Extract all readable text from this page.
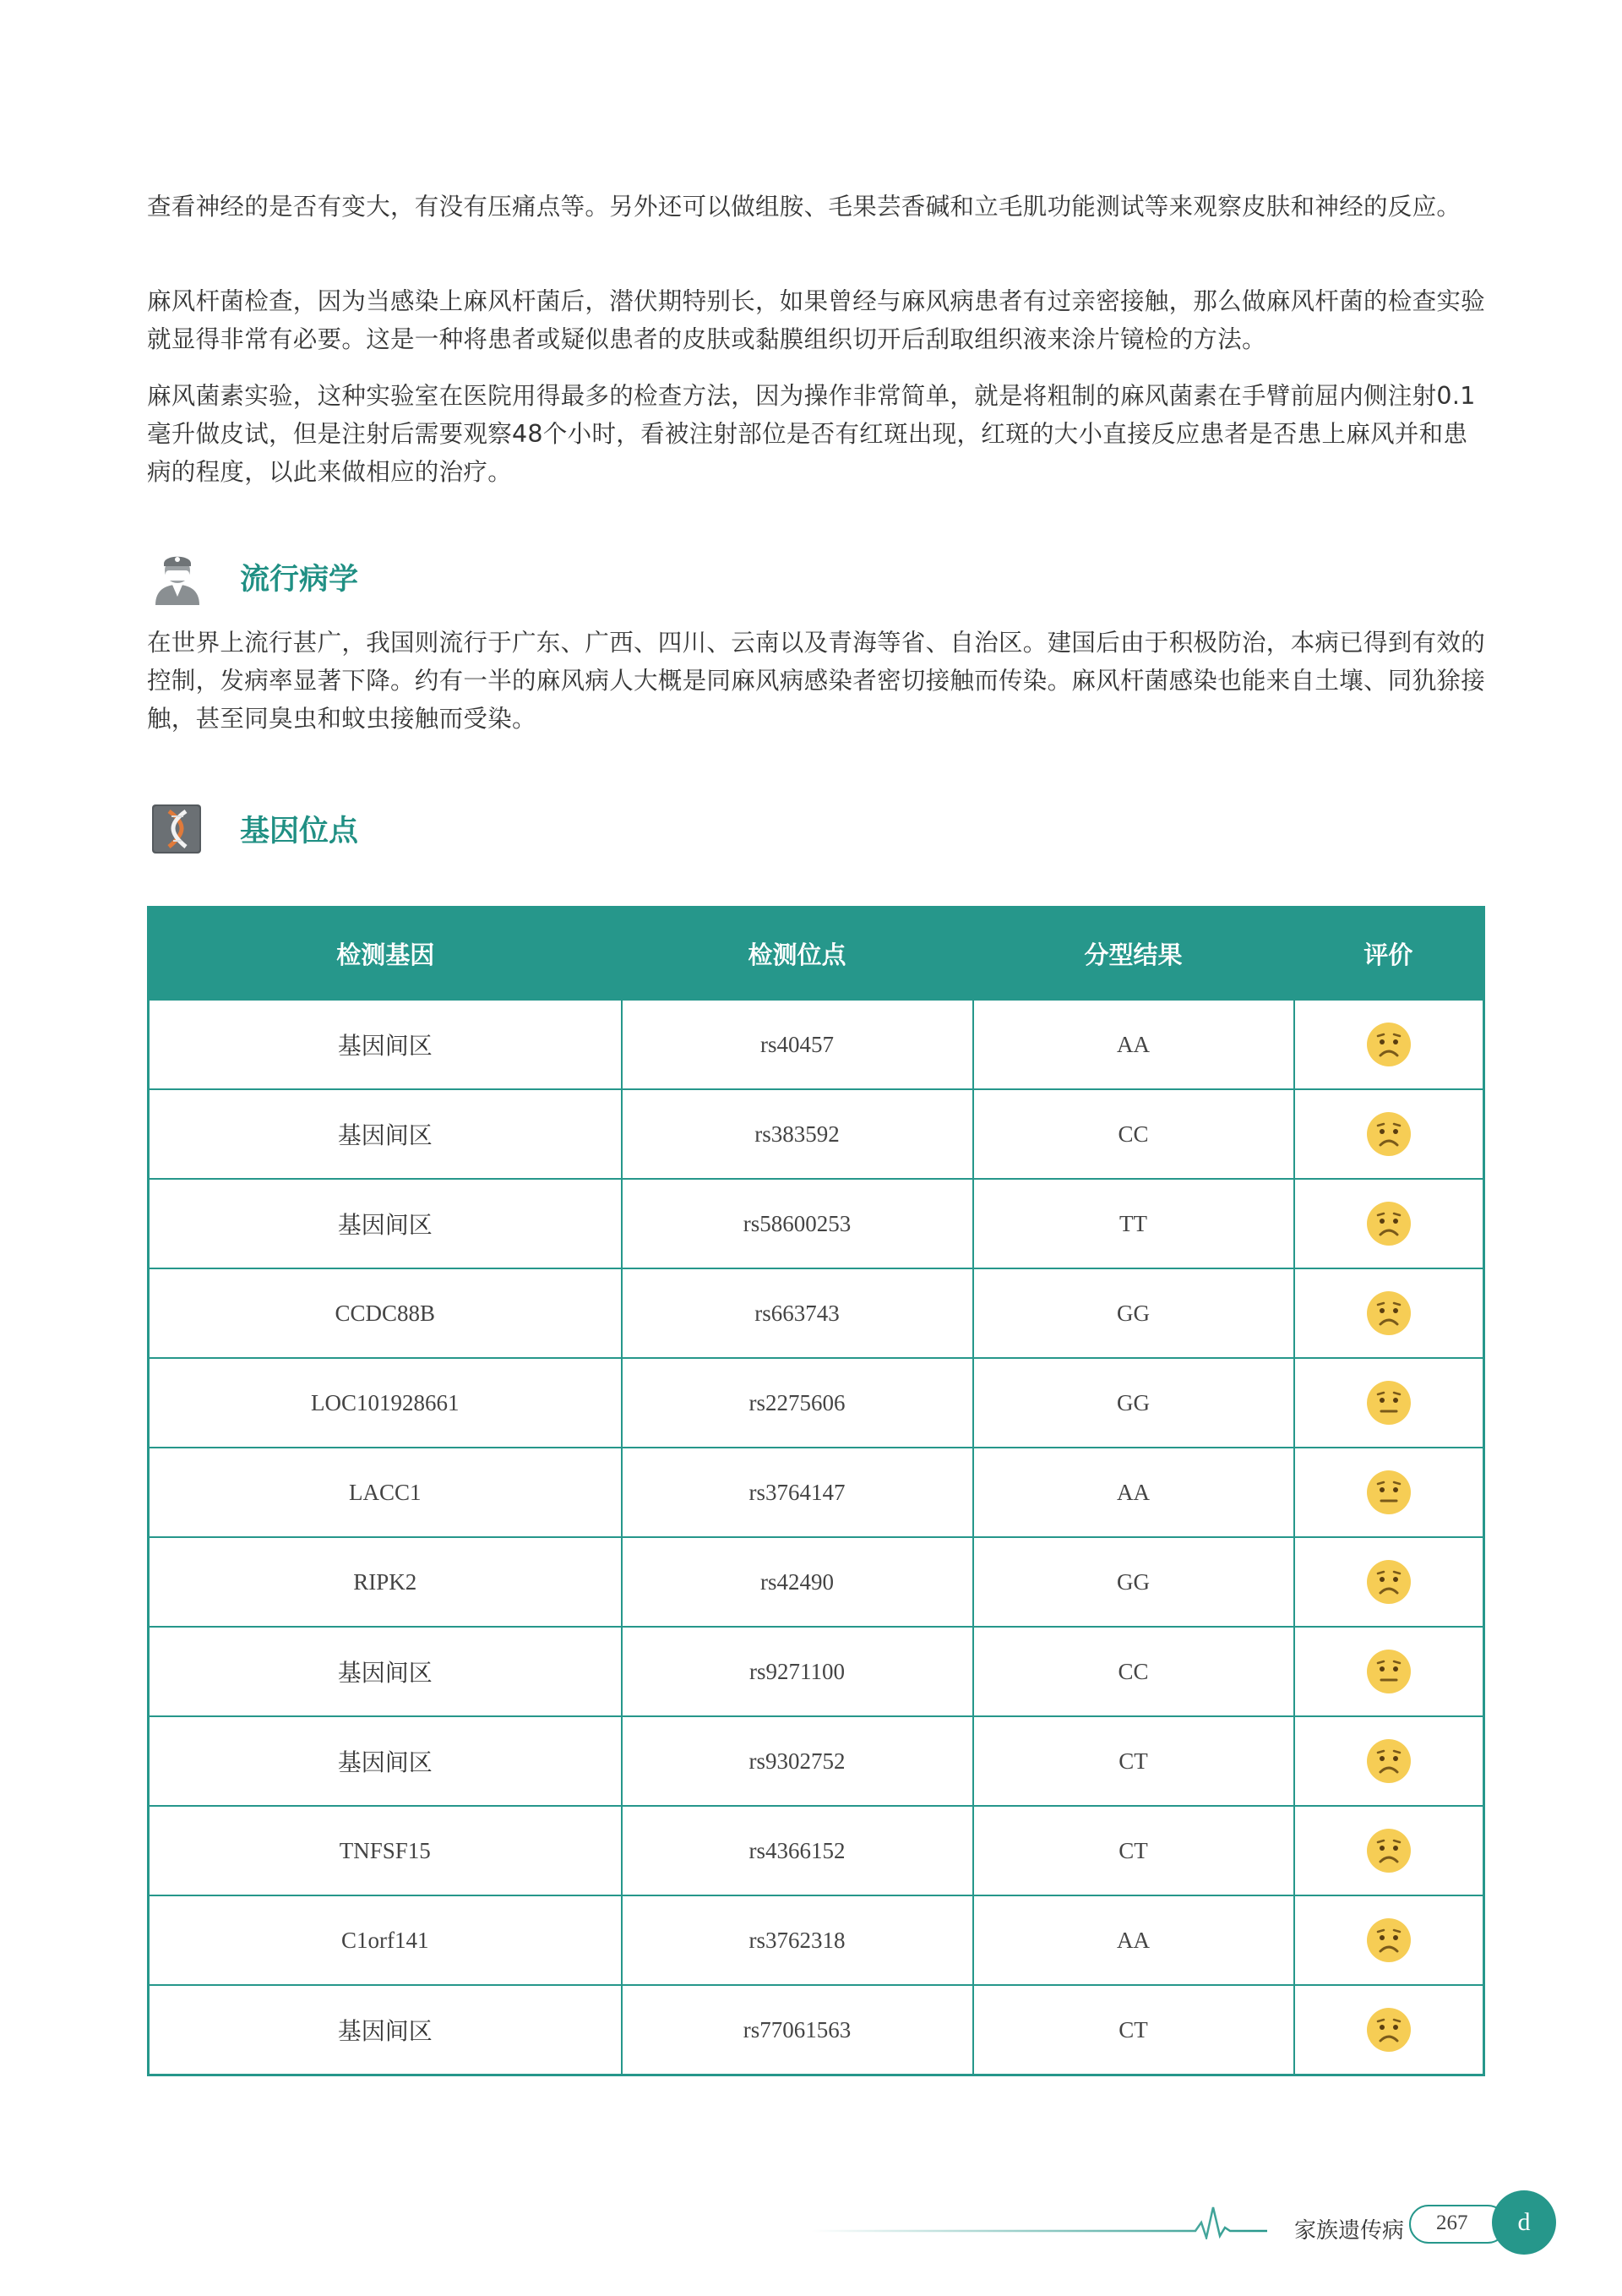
查看神经的是否有变大，有没有压痛点等。另外还可以做组胺、毛果芸香碱和立毛肌功能测试等来观察皮肤和神经的反应。

麻风杆菌检查，因为当感染上麻风杆菌后，潜伏期特别长，如果曾经与麻风病患者有过亲密接触，那么做麻风杆菌的检查实验就显得非常有必要。这是一种将患者或疑似患者的皮肤或黏膜组织切开后刮取组织液来涂片镜检的方法。

麻风菌素实验，这种实验室在医院用得最多的检查方法，因为操作非常简单，就是将粗制的麻风菌素在手臂前屈内侧注射0.1毫升做皮试，但是注射后需要观察48个小时，看被注射部位是否有红斑出现，红斑的大小直接反应患者是否患上麻风并和患病的程度，以此来做相应的治疗。

流行病学

在世界上流行甚广，我国则流行于广东、广西、四川、云南以及青海等省、自治区。建国后由于积极防治，本病已得到有效的控制，发病率显著下降。约有一半的麻风病人大概是同麻风病感染者密切接触而传染。麻风杆菌感染也能来自土壤、同犰狳接触，甚至同臭虫和蚊虫接触而受染。

基因位点
检测基因	检测位点	分型结果	评价
基因间区	rs40457	AA	
基因间区	rs383592	CC	
基因间区	rs58600253	TT	
CCDC88B	rs663743	GG	
LOC101928661	rs2275606	GG	
LACC1	rs3764147	AA	
RIPK2	rs42490	GG	
基因间区	rs9271100	CC	
基因间区	rs9302752	CT	
TNFSF15	rs4366152	CT	
C1orf141	rs3762318	AA	
基因间区	rs77061563	CT	
家族遗传病 267	d
